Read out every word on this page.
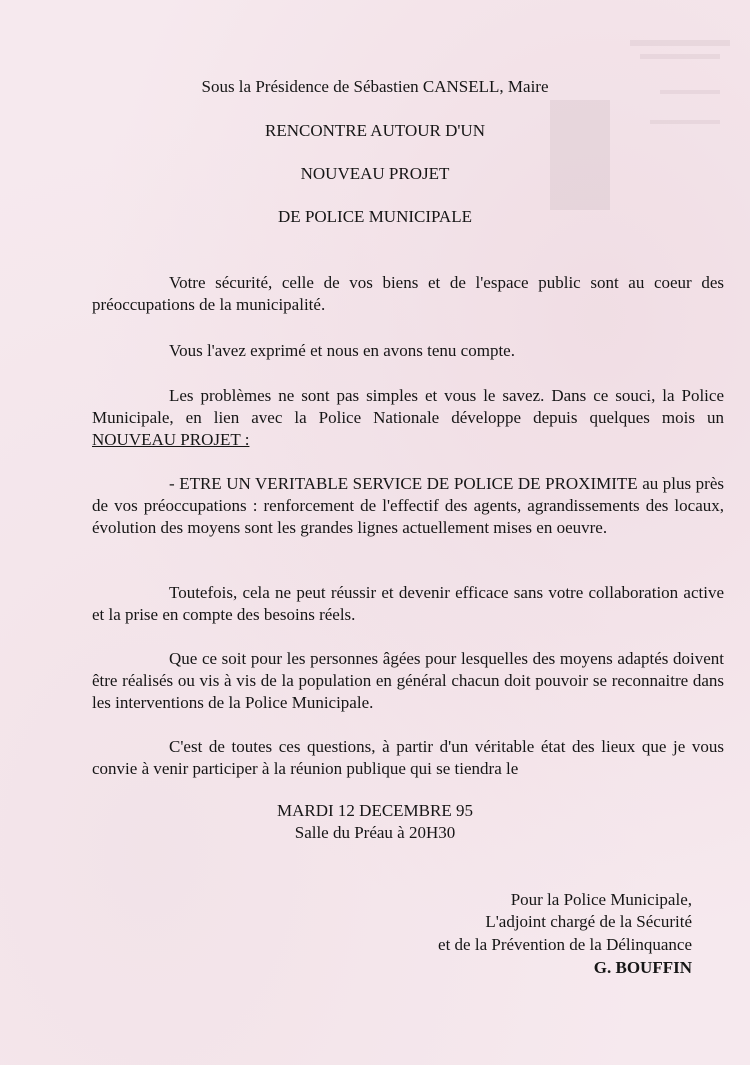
Sous la Présidence de Sébastien CANSELL, Maire
RENCONTRE AUTOUR D'UN
NOUVEAU PROJET
DE POLICE MUNICIPALE
Votre sécurité, celle de vos biens et de l'espace public sont au coeur des préoccupations de la municipalité.
Vous l'avez exprimé et nous en avons tenu compte.
Les problèmes ne sont pas simples et vous le savez. Dans ce souci, la Police Municipale, en lien avec la Police Nationale développe depuis quelques mois un NOUVEAU PROJET :
- ETRE UN VERITABLE SERVICE DE POLICE DE PROXIMITE au plus près de vos préoccupations : renforcement de l'effectif des agents, agrandissements des locaux, évolution des moyens sont les grandes lignes actuellement mises en oeuvre.
Toutefois, cela ne peut réussir et devenir efficace sans votre collaboration active et la prise en compte des besoins réels.
Que ce soit pour les personnes âgées pour lesquelles des moyens adaptés doivent être réalisés ou vis à vis de la population en général chacun doit pouvoir se reconnaitre dans les interventions de la Police Municipale.
C'est de toutes ces questions, à partir d'un véritable état des lieux que je vous convie à venir participer à la réunion publique qui se tiendra le
MARDI 12 DECEMBRE 95
Salle du Préau à 20H30
Pour la Police Municipale,
L'adjoint chargé de la Sécurité
et de la Prévention de la Délinquance
G. BOUFFIN
